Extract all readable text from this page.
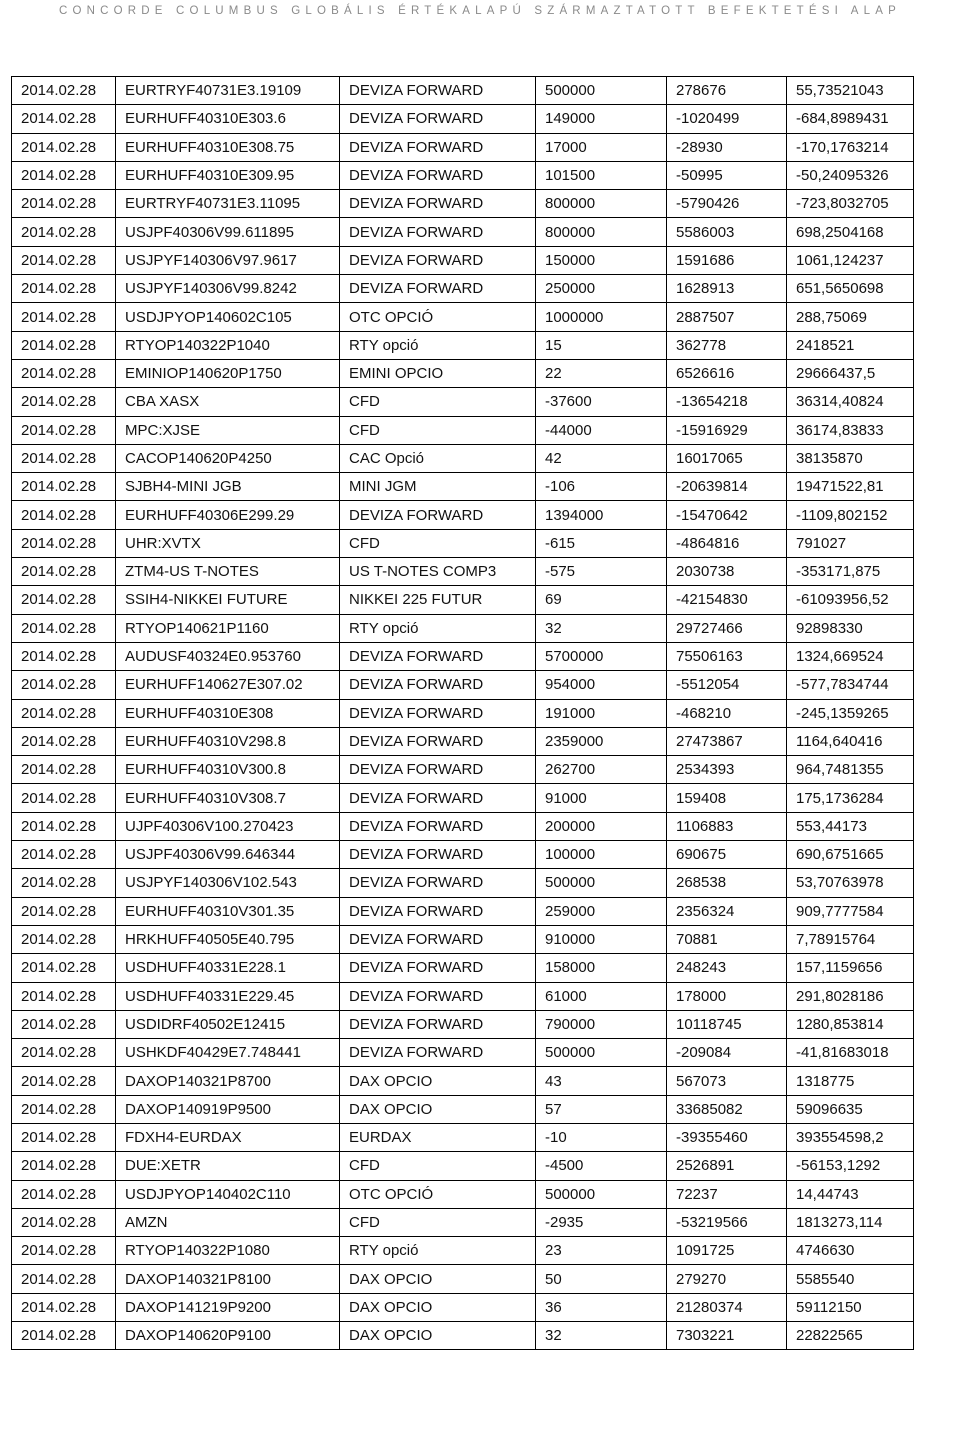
CONCORDE COLUMBUS GLOBÁLIS ÉRTÉKALAPÚ SZÁRMAZTATOTT BEFEKTETÉSI ALAP
2014.02.28	EURTRYF40731E3.19109	DEVIZA FORWARD	500000	278676	55,73521043
2014.02.28	EURHUFF40310E303.6	DEVIZA FORWARD	149000	-1020499	-684,8989431
2014.02.28	EURHUFF40310E308.75	DEVIZA FORWARD	17000	-28930	-170,1763214
2014.02.28	EURHUFF40310E309.95	DEVIZA FORWARD	101500	-50995	-50,24095326
2014.02.28	EURTRYF40731E3.11095	DEVIZA FORWARD	800000	-5790426	-723,8032705
2014.02.28	USJPF40306V99.611895	DEVIZA FORWARD	800000	5586003	698,2504168
2014.02.28	USJPYF140306V97.9617	DEVIZA FORWARD	150000	1591686	1061,124237
2014.02.28	USJPYF140306V99.8242	DEVIZA FORWARD	250000	1628913	651,5650698
2014.02.28	USDJPYOP140602C105	OTC OPCIÓ	1000000	2887507	288,75069
2014.02.28	RTYOP140322P1040	RTY opció	15	362778	2418521
2014.02.28	EMINIOP140620P1750	EMINI OPCIO	22	6526616	29666437,5
2014.02.28	CBA XASX	CFD	-37600	-13654218	36314,40824
2014.02.28	MPC:XJSE	CFD	-44000	-15916929	36174,83833
2014.02.28	CACOP140620P4250	CAC Opció	42	16017065	38135870
2014.02.28	SJBH4-MINI JGB	MINI JGM	-106	-20639814	19471522,81
2014.02.28	EURHUFF40306E299.29	DEVIZA FORWARD	1394000	-15470642	-1109,802152
2014.02.28	UHR:XVTX	CFD	-615	-4864816	791027
2014.02.28	ZTM4-US T-NOTES	US T-NOTES COMP3	-575	2030738	-353171,875
2014.02.28	SSIH4-NIKKEI FUTURE	NIKKEI 225 FUTUR	69	-42154830	-61093956,52
2014.02.28	RTYOP140621P1160	RTY opció	32	29727466	92898330
2014.02.28	AUDUSF40324E0.953760	DEVIZA FORWARD	5700000	75506163	1324,669524
2014.02.28	EURHUFF140627E307.02	DEVIZA FORWARD	954000	-5512054	-577,7834744
2014.02.28	EURHUFF40310E308	DEVIZA FORWARD	191000	-468210	-245,1359265
2014.02.28	EURHUFF40310V298.8	DEVIZA FORWARD	2359000	27473867	1164,640416
2014.02.28	EURHUFF40310V300.8	DEVIZA FORWARD	262700	2534393	964,7481355
2014.02.28	EURHUFF40310V308.7	DEVIZA FORWARD	91000	159408	175,1736284
2014.02.28	UJPF40306V100.270423	DEVIZA FORWARD	200000	1106883	553,44173
2014.02.28	USJPF40306V99.646344	DEVIZA FORWARD	100000	690675	690,6751665
2014.02.28	USJPYF140306V102.543	DEVIZA FORWARD	500000	268538	53,70763978
2014.02.28	EURHUFF40310V301.35	DEVIZA FORWARD	259000	2356324	909,7777584
2014.02.28	HRKHUFF40505E40.795	DEVIZA FORWARD	910000	70881	7,78915764
2014.02.28	USDHUFF40331E228.1	DEVIZA FORWARD	158000	248243	157,1159656
2014.02.28	USDHUFF40331E229.45	DEVIZA FORWARD	61000	178000	291,8028186
2014.02.28	USDIDRF40502E12415	DEVIZA FORWARD	790000	10118745	1280,853814
2014.02.28	USHKDF40429E7.748441	DEVIZA FORWARD	500000	-209084	-41,81683018
2014.02.28	DAXOP140321P8700	DAX OPCIO	43	567073	1318775
2014.02.28	DAXOP140919P9500	DAX OPCIO	57	33685082	59096635
2014.02.28	FDXH4-EURDAX	EURDAX	-10	-39355460	393554598,2
2014.02.28	DUE:XETR	CFD	-4500	2526891	-56153,1292
2014.02.28	USDJPYOP140402C110	OTC OPCIÓ	500000	72237	14,44743
2014.02.28	AMZN	CFD	-2935	-53219566	1813273,114
2014.02.28	RTYOP140322P1080	RTY opció	23	1091725	4746630
2014.02.28	DAXOP140321P8100	DAX OPCIO	50	279270	5585540
2014.02.28	DAXOP141219P9200	DAX OPCIO	36	21280374	59112150
2014.02.28	DAXOP140620P9100	DAX OPCIO	32	7303221	22822565
